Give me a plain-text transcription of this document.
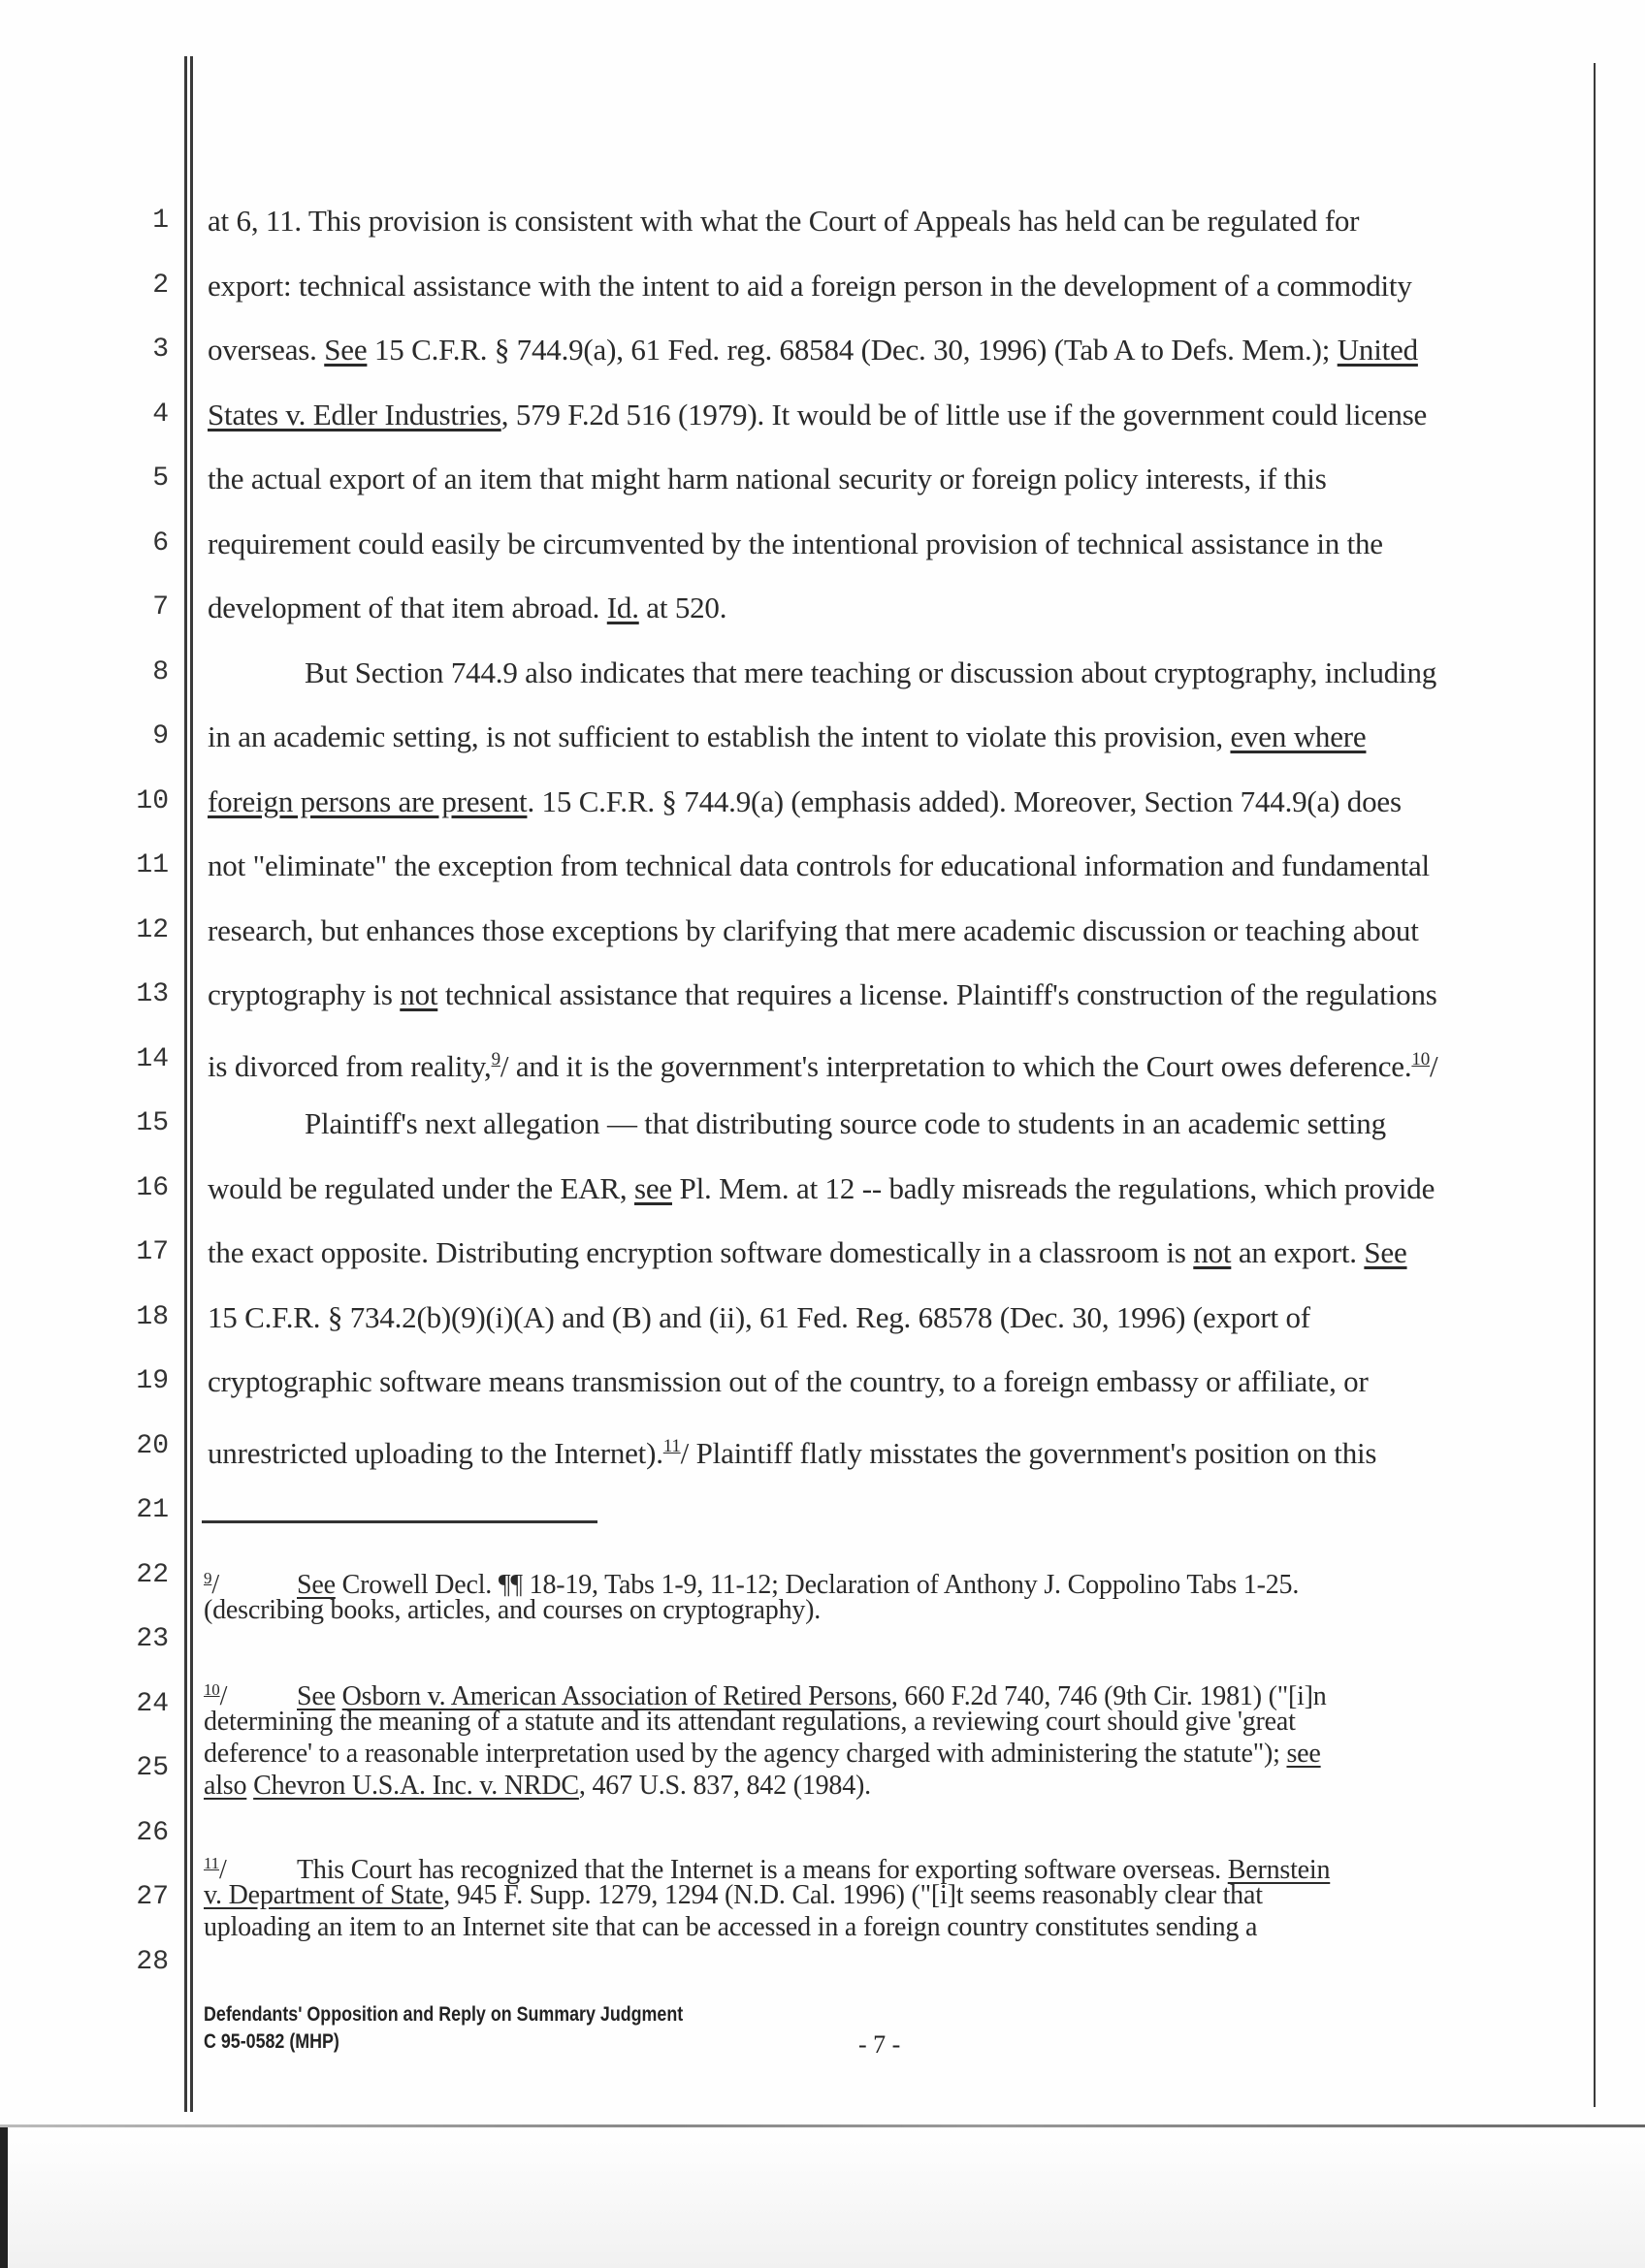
1
2
3
4
5
6
7
8
9
10
11
12
13
14
15
16
17
18
19
20
21
22
23
24
25
26
27
28
at 6, 11. This provision is consistent with what the Court of Appeals has held can be regulated for
export: technical assistance with the intent to aid a foreign person in the development of a commodity
overseas. See 15 C.F.R. § 744.9(a), 61 Fed. reg. 68584 (Dec. 30, 1996) (Tab A to Defs. Mem.); United
States v. Edler Industries, 579 F.2d 516 (1979). It would be of little use if the government could license
the actual export of an item that might harm national security or foreign policy interests, if this
requirement could easily be circumvented by the intentional provision of technical assistance in the
development of that item abroad. Id. at 520.
But Section 744.9 also indicates that mere teaching or discussion about cryptography, including
in an academic setting, is not sufficient to establish the intent to violate this provision, even where
foreign persons are present. 15 C.F.R. § 744.9(a) (emphasis added). Moreover, Section 744.9(a) does
not "eliminate" the exception from technical data controls for educational information and fundamental
research, but enhances those exceptions by clarifying that mere academic discussion or teaching about
cryptography is not technical assistance that requires a license. Plaintiff's construction of the regulations
is divorced from reality,$^9$/ and it is the government's interpretation to which the Court owes deference.$^{10}$/
Plaintiff's next allegation — that distributing source code to students in an academic setting
would be regulated under the EAR, see Pl. Mem. at 12 -- badly misreads the regulations, which provide
the exact opposite. Distributing encryption software domestically in a classroom is not an export. See
15 C.F.R. § 734.2(b)(9)(i)(A) and (B) and (ii), 61 Fed. Reg. 68578 (Dec. 30, 1996) (export of
cryptographic software means transmission out of the country, to a foreign embassy or affiliate, or
unrestricted uploading to the Internet).$^{11}$/ Plaintiff flatly misstates the government's position on this
$^9$/	See Crowell Decl. ¶¶ 18-19, Tabs 1-9, 11-12; Declaration of Anthony J. Coppolino Tabs 1-25.
(describing books, articles, and courses on cryptography).
$^{10}$/	See Osborn v. American Association of Retired Persons, 660 F.2d 740, 746 (9th Cir. 1981) ("[i]n
determining the meaning of a statute and its attendant regulations, a reviewing court should give 'great
deference' to a reasonable interpretation used by the agency charged with administering the statute"); see
also Chevron U.S.A. Inc. v. NRDC, 467 U.S. 837, 842 (1984).
$^{11}$/	This Court has recognized that the Internet is a means for exporting software overseas. Bernstein
v. Department of State, 945 F. Supp. 1279, 1294 (N.D. Cal. 1996) ("[i]t seems reasonably clear that
uploading an item to an Internet site that can be accessed in a foreign country constitutes sending a
Defendants' Opposition and Reply on Summary Judgment
C 95-0582 (MHP)	- 7 -
